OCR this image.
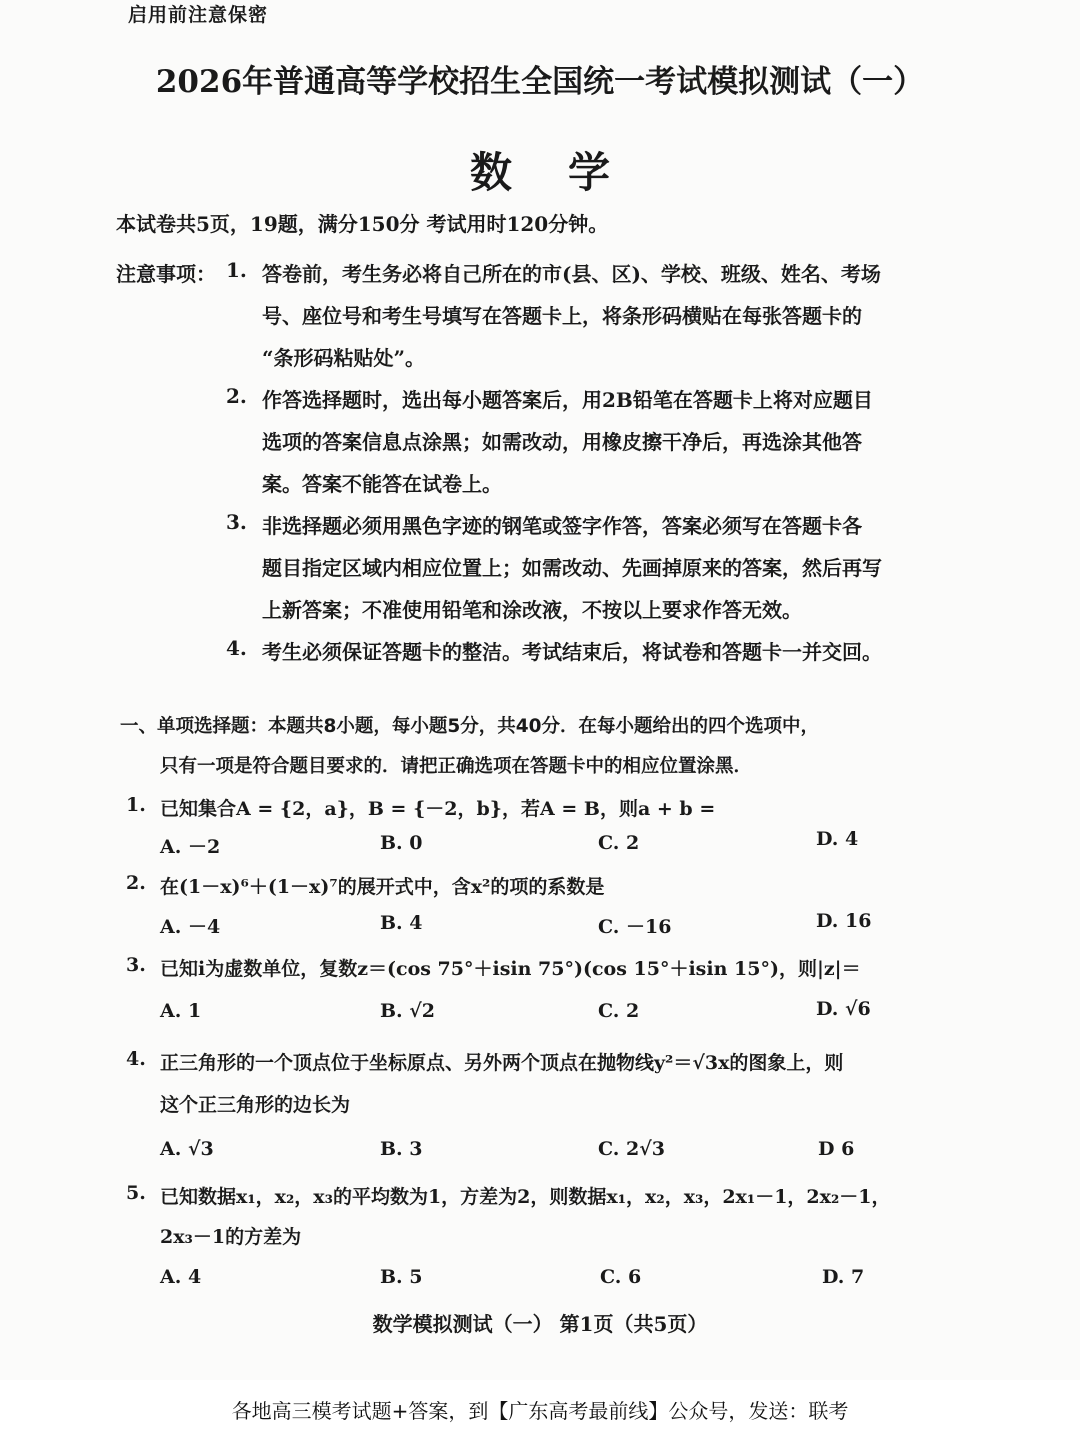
启用前注意保密
2026年普通高等学校招生全国统一考试模拟测试（一）
数学
本试卷共5页，19题，满分150分 考试用时120分钟。
注意事项： 1. 答卷前，考生务必将自己所在的市(县、区)、学校、班级、姓名、考场
号、座位号和考生号填写在答题卡上，将条形码横贴在每张答题卡的
“条形码粘贴处”。
2. 作答选择题时，选出每小题答案后，用2B铅笔在答题卡上将对应题目
选项的答案信息点涂黑；如需改动，用橡皮擦干净后，再选涂其他答
案。答案不能答在试卷上。
3. 非选择题必须用黑色字迹的钢笔或签字作答，答案必须写在答题卡各
题目指定区域内相应位置上；如需改动、先画掉原来的答案，然后再写
上新答案；不准使用铅笔和涂改液，不按以上要求作答无效。
4. 考生必须保证答题卡的整洁。考试结束后，将试卷和答题卡一并交回。
一、单项选择题：本题共8小题，每小题5分，共40分．在每小题给出的四个选项中，
只有一项是符合题目要求的．请把正确选项在答题卡中的相应位置涂黑．
1. 已知集合A = {2，a}，B = {－2，b}，若A = B，则a + b =
A. －2	B. 0	C. 2	D. 4
2. 在(1－x)⁶＋(1－x)⁷的展开式中，含x²的项的系数是
A. －4	B. 4	C. －16	D. 16
3. 已知i为虚数单位，复数z＝(cos 75°＋isin 75°)(cos 15°＋isin 15°)，则|z|＝
A. 1	B. √2	C. 2	D. √6
4. 正三角形的一个顶点位于坐标原点、另外两个顶点在抛物线y²＝√3x的图象上，则
这个正三角形的边长为
A. √3	B. 3	C. 2√3	D 6
5. 已知数据x₁，x₂，x₃的平均数为1，方差为2，则数据x₁，x₂，x₃，2x₁－1，2x₂－1，
2x₃－1的方差为
A. 4	B. 5	C. 6	D. 7
数学模拟测试（一） 第1页（共5页）
各地高三模考试题+答案，到【广东高考最前线】公众号，发送：联考
